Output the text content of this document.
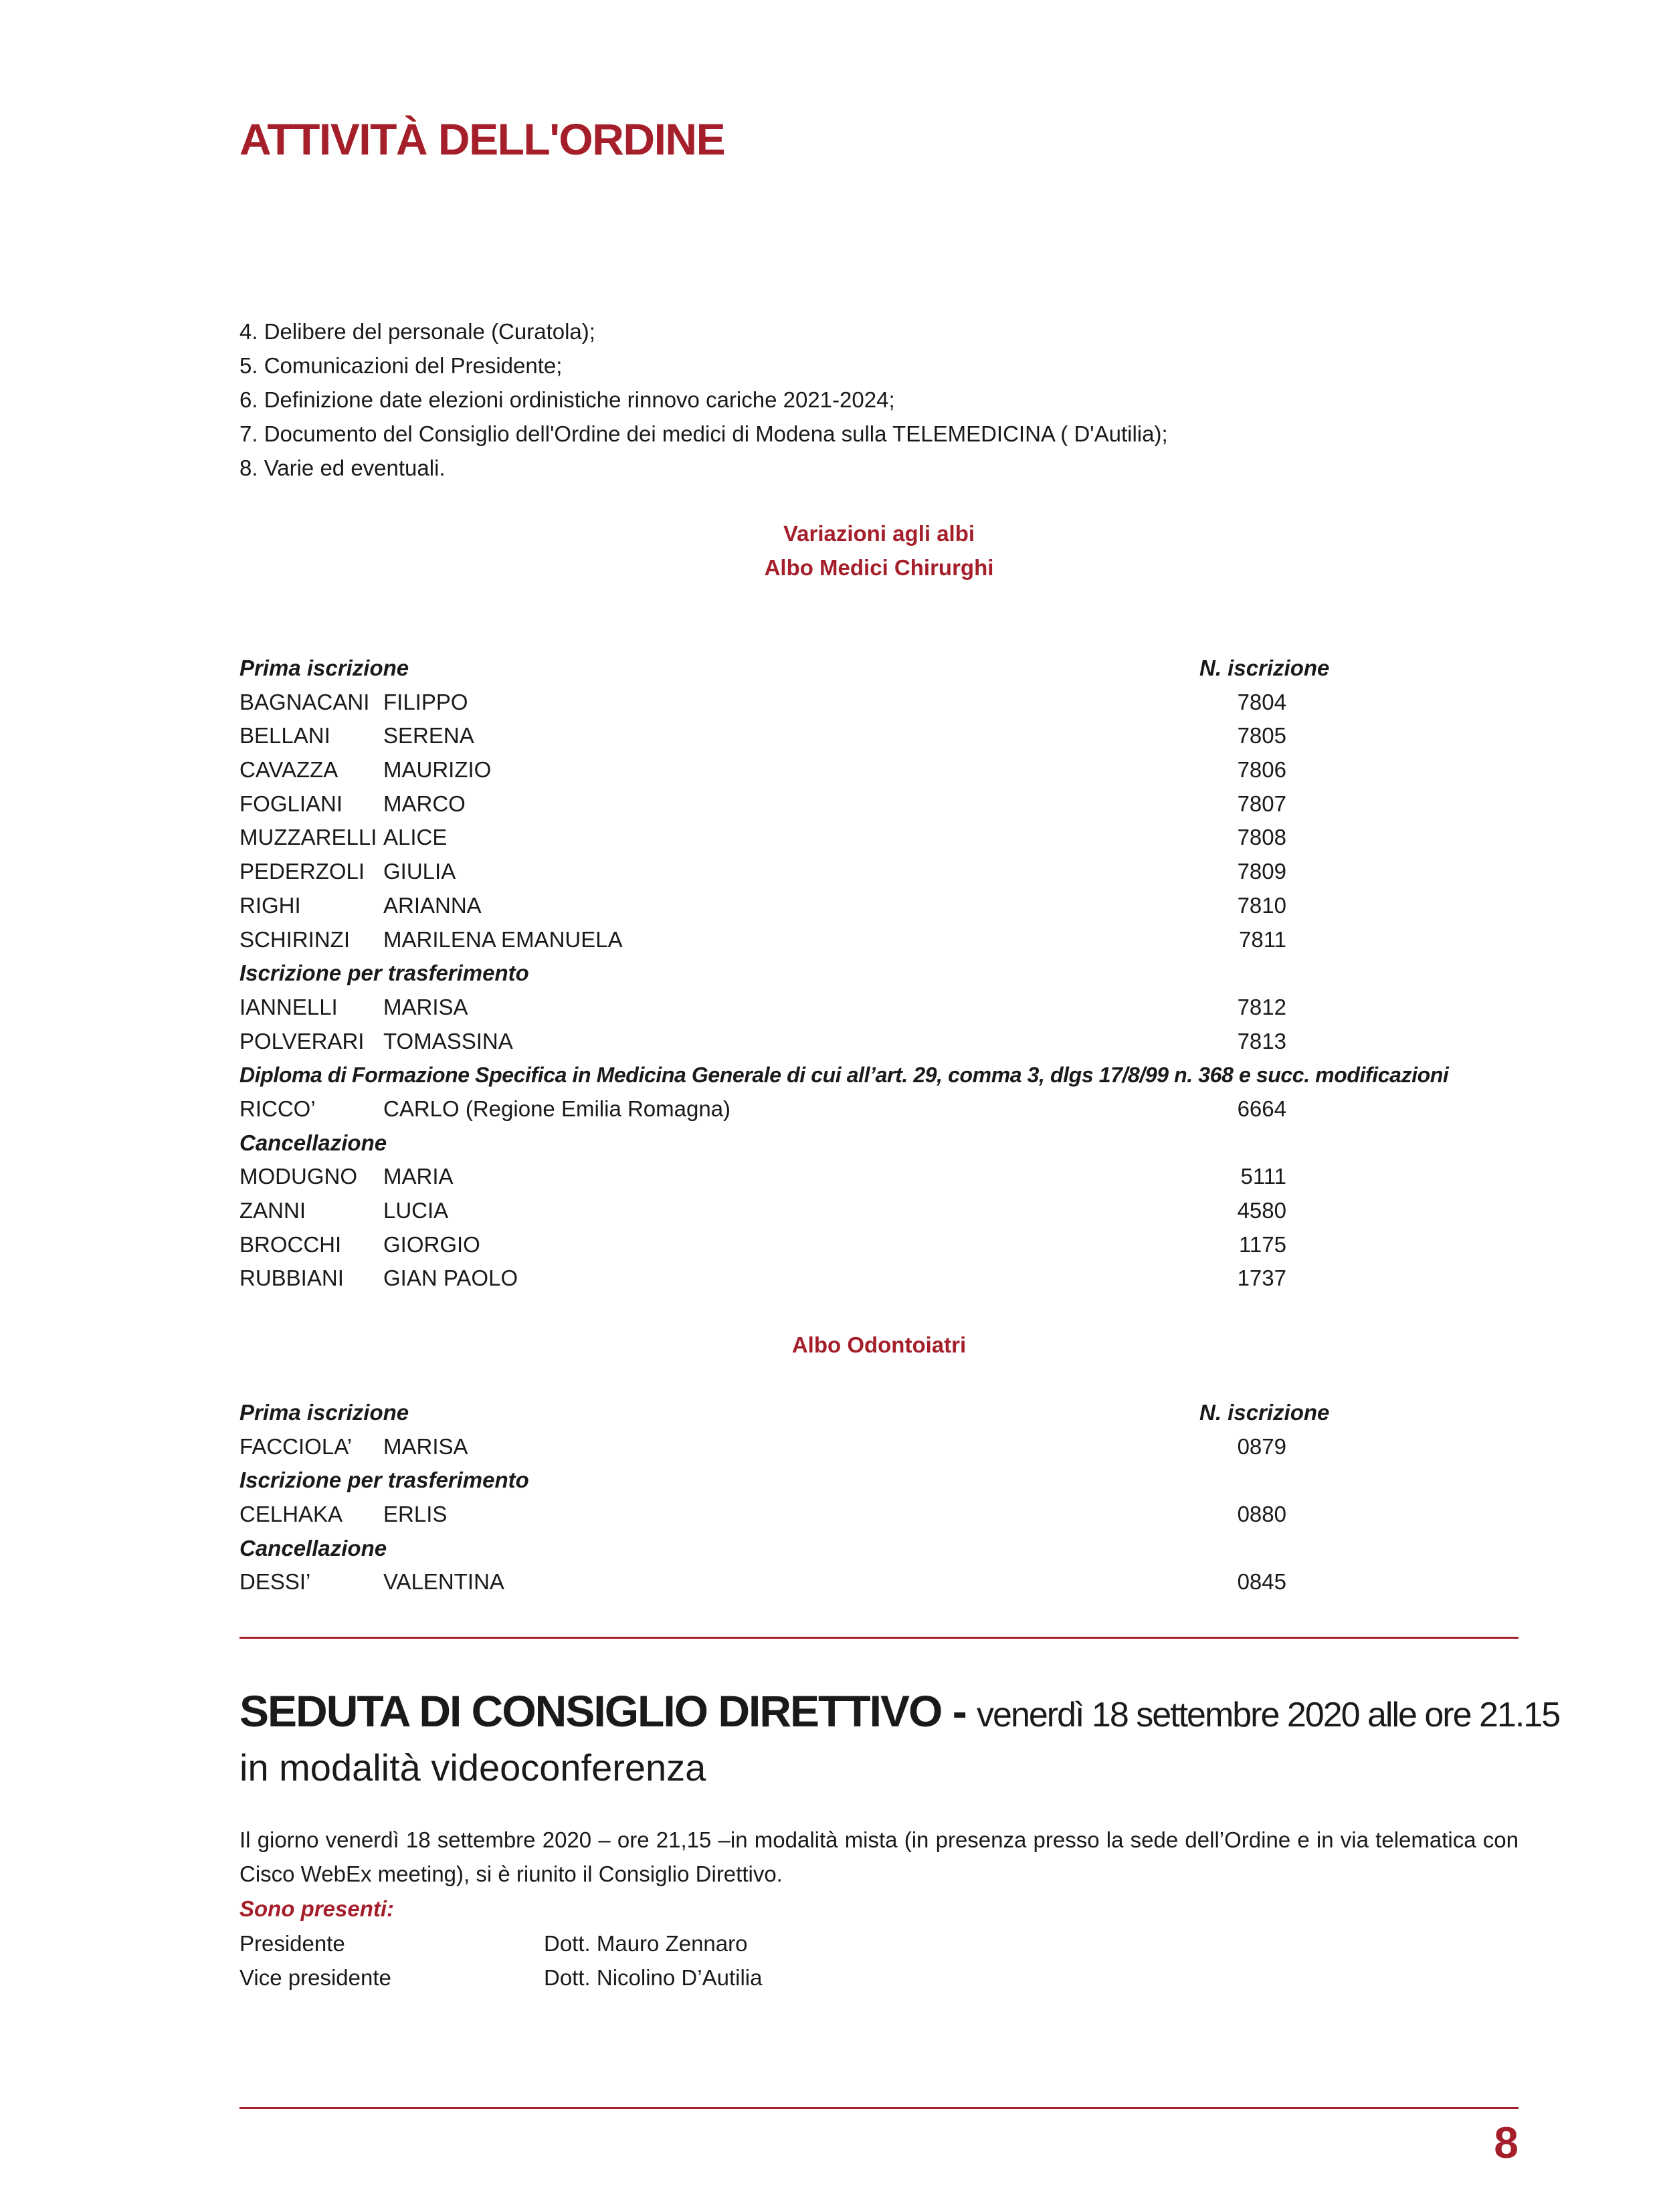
ATTIVITÀ DELL'ORDINE
4. Delibere del personale (Curatola);
5. Comunicazioni del Presidente;
6. Definizione date elezioni ordinistiche rinnovo cariche 2021-2024;
7. Documento del Consiglio dell'Ordine dei medici di Modena sulla TELEMEDICINA ( D'Autilia);
8. Varie ed eventuali.
Variazioni agli albi
Albo Medici Chirurghi
Prima iscrizione	N. iscrizione
BAGNACANI FILIPPO	7804
BELLANI SERENA	7805
CAVAZZA MAURIZIO	7806
FOGLIANI MARCO	7807
MUZZARELLI ALICE	7808
PEDERZOLI GIULIA	7809
RIGHI	ARIANNA	7810
SCHIRINZI MARILENA EMANUELA	7811
Iscrizione per trasferimento
IANNELLI MARISA	7812
POLVERARI TOMASSINA	7813
Diploma di Formazione Specifica in Medicina Generale di cui all’art. 29, comma 3, dlgs 17/8/99 n. 368 e succ. modificazioni
RICCO’	CARLO (Regione Emilia Romagna)	6664
Cancellazione
MODUGNO MARIA	5111
ZANNI	LUCIA	4580
BROCCHI GIORGIO	1175
RUBBIANI GIAN PAOLO	1737
Albo Odontoiatri
Prima iscrizione	N. iscrizione
FACCIOLA’ MARISA	0879
Iscrizione per trasferimento
CELHAKA ERLIS	0880
Cancellazione
DESSI’	VALENTINA	0845
SEDUTA DI CONSIGLIO DIRETTIVO - venerdì 18 settembre 2020 alle ore 21.15
in modalità videoconferenza
Il giorno venerdì 18 settembre 2020 – ore 21,15 –in modalità mista (in presenza presso la sede dell’Ordine e in via telematica con Cisco WebEx meeting), si è riunito il Consiglio Direttivo.
Sono presenti:
Presidente	Dott. Mauro Zennaro
Vice presidente	Dott. Nicolino D’Autilia
8
